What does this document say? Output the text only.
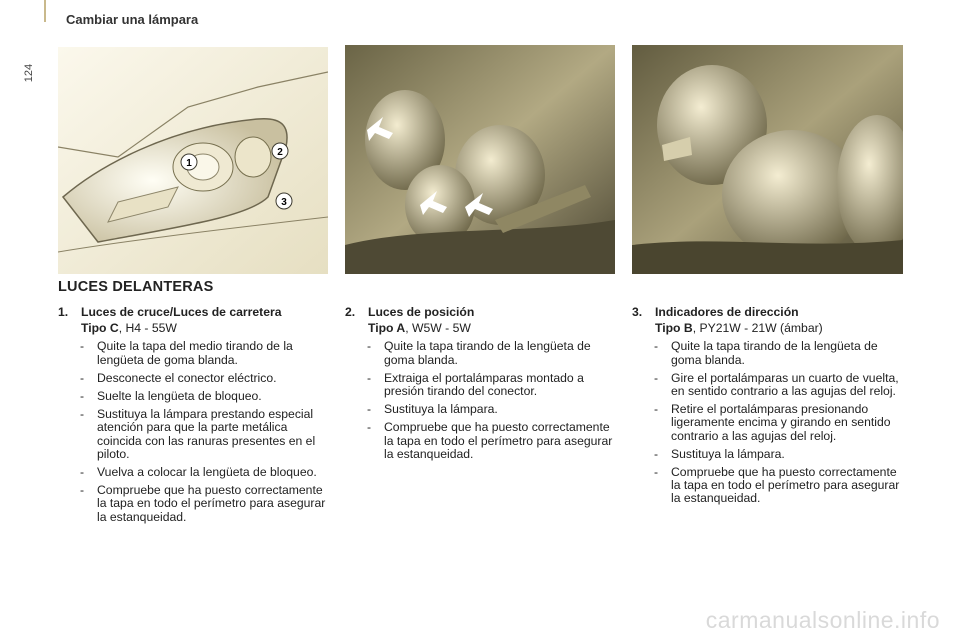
124
Cambiar una lámpara
1
2
3
LUCES DELANTERAS
1.	Luces de cruce/Luces de carretera
Tipo C, H4 - 55W
-	Quite la tapa del medio tirando de la lengüeta de goma blanda.
-	Desconecte el conector eléctrico.
-	Suelte la lengüeta de bloqueo.
-	Sustituya la lámpara prestando especial atención para que la parte metálica coincida con las ranuras presentes en el piloto.
-	Vuelva a colocar la lengüeta de bloqueo.
-	Compruebe que ha puesto correctamente la tapa en todo el perímetro para asegurar la estanqueidad.
2.	Luces de posición
Tipo A, W5W - 5W
-	Quite la tapa tirando de la lengüeta de goma blanda.
-	Extraiga el portalámparas montado a presión tirando del conector.
-	Sustituya la lámpara.
-	Compruebe que ha puesto correctamente la tapa en todo el perímetro para asegurar la estanqueidad.
3.	Indicadores de dirección
Tipo B, PY21W - 21W (ámbar)
-	Quite la tapa tirando de la lengüeta de goma blanda.
-	Gire el portalámparas un cuarto de vuelta, en sentido contrario a las agujas del reloj.
-	Retire el portalámparas presionando ligeramente encima y girando en sentido contrario a las agujas del reloj.
-	Sustituya la lámpara.
-	Compruebe que ha puesto correctamente la tapa en todo el perímetro para asegurar la estanqueidad.
carmanualsonline.info
